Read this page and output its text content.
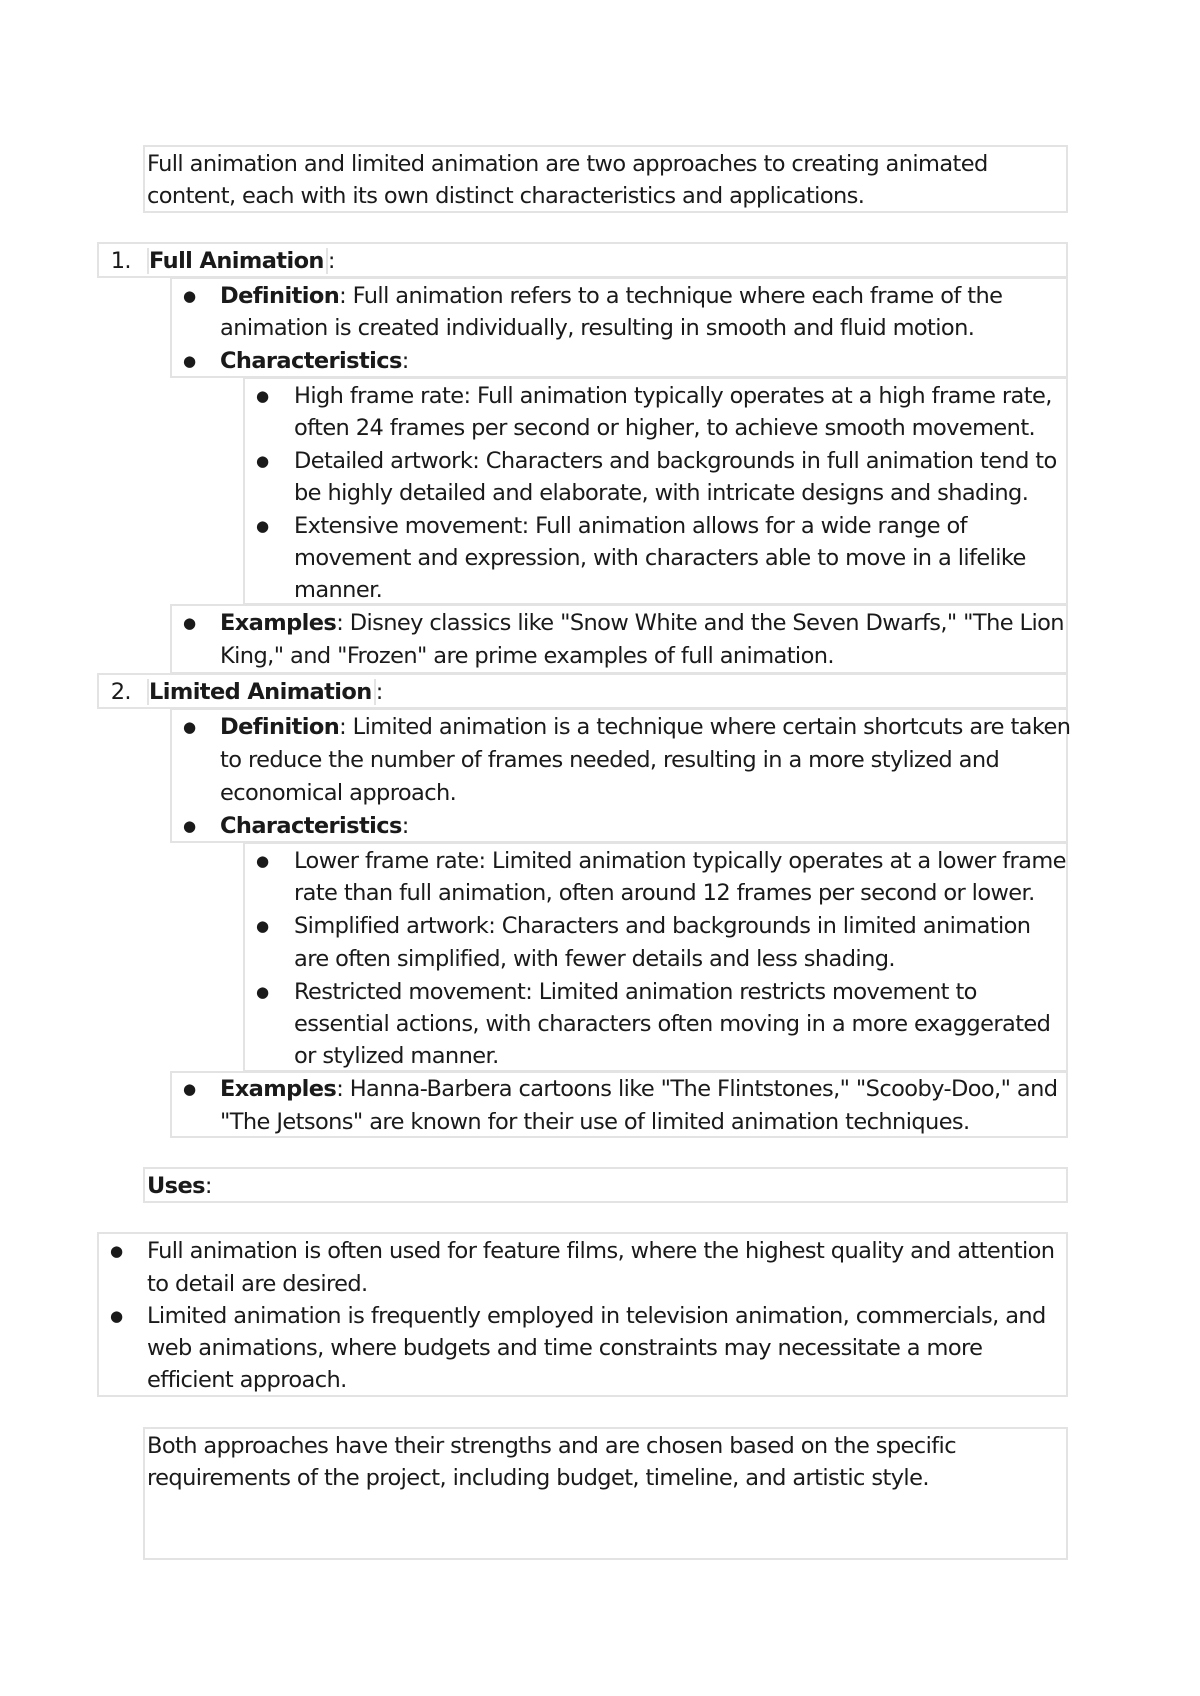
Full animation and limited animation are two approaches to creating animated
content, each with its own distinct characteristics and applications.
1. Full Animation :
● Definition: Full animation refers to a technique where each frame of the
animation is created individually, resulting in smooth and fluid motion.
● Characteristics:
● High frame rate: Full animation typically operates at a high frame rate,
often 24 frames per second or higher, to achieve smooth movement.
● Detailed artwork: Characters and backgrounds in full animation tend to
be highly detailed and elaborate, with intricate designs and shading.
● Extensive movement: Full animation allows for a wide range of
movement and expression, with characters able to move in a lifelike
manner.
● Examples: Disney classics like "Snow White and the Seven Dwarfs," "The Lion
King," and "Frozen" are prime examples of full animation.
2. Limited Animation :
● Definition: Limited animation is a technique where certain shortcuts are taken
to reduce the number of frames needed, resulting in a more stylized and
economical approach.
● Characteristics:
● Lower frame rate: Limited animation typically operates at a lower frame
rate than full animation, often around 12 frames per second or lower.
● Simplified artwork: Characters and backgrounds in limited animation
are often simplified, with fewer details and less shading.
● Restricted movement: Limited animation restricts movement to
essential actions, with characters often moving in a more exaggerated
or stylized manner.
● Examples: Hanna-Barbera cartoons like "The Flintstones," "Scooby-Doo," and
"The Jetsons" are known for their use of limited animation techniques.
Uses:
● Full animation is often used for feature films, where the highest quality and attention
to detail are desired.
● Limited animation is frequently employed in television animation, commercials, and
web animations, where budgets and time constraints may necessitate a more
efficient approach.
Both approaches have their strengths and are chosen based on the specific
requirements of the project, including budget, timeline, and artistic style.
